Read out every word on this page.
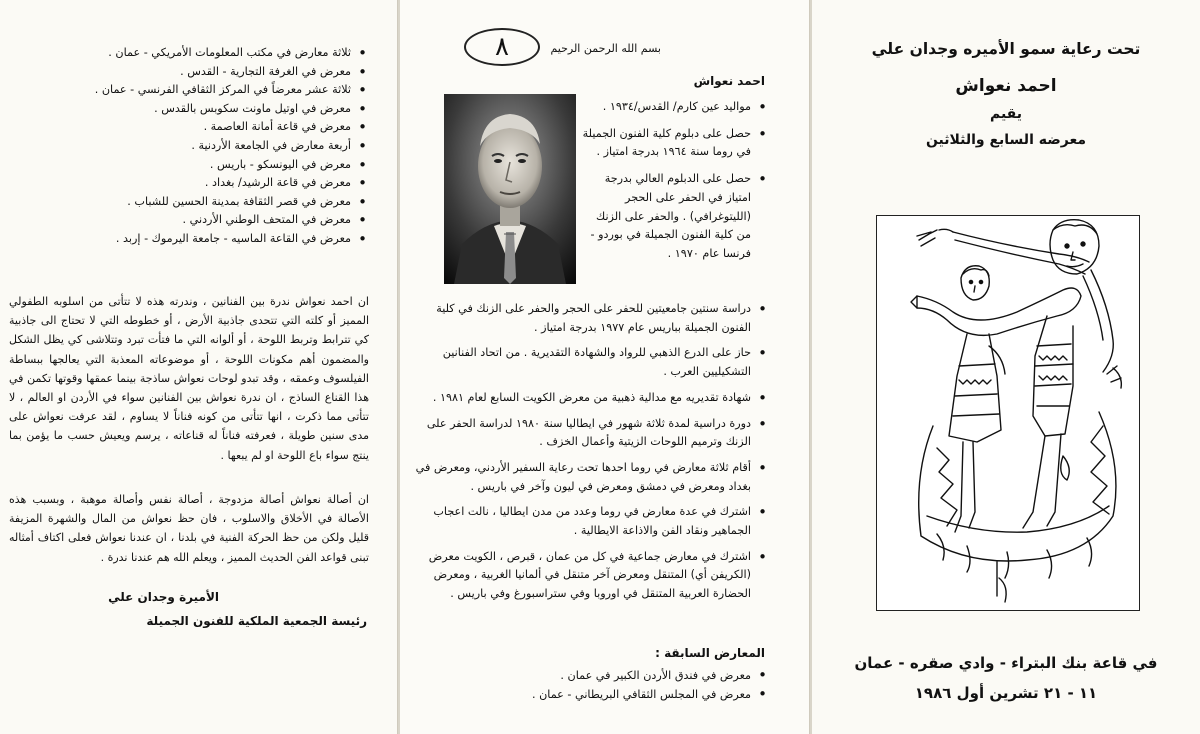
• ثلاثة معارض في مكتب المعلومات الأمريكي - عمان .
• معرض في الغرفة التجارية - القدس .
• ثلاثة عشر معرضاً في المركز الثقافي الفرنسي - عمان .
• معرض في اوتيل ماونت سكوبس بالقدس .
• معرض في قاعة أمانة العاصمة .
• أربعة معارض في الجامعة الأردنية .
• معرض في اليونسكو - باريس .
• معرض في قاعة الرشيد/ بغداد .
• معرض في قصر الثقافة بمدينة الحسين للشباب .
• معرض في المتحف الوطني الأردني .
• معرض في القاعة الماسيه - جامعة اليرموك - إربد .

ان احمد نعواش ندرة بين الفنانين ، وندرته هذه لا تتأتى من اسلوبه الطفولي المميز أو كلته التي تتحدى جاذبية الأرض ، أو خطوطه التي لا تحتاج الى جاذبية كي تترابط وتربط اللوحة ، أو ألوانه التي ما فتأت تبرد وتتلاشى كي يظل الشكل والمضمون أهم مكونات اللوحة ، أو موضوعاته المعذبة التي يعالجها ببساطة الفيلسوف وعمقه ، وقد تبدو لوحات نعواش ساذجة بينما عمقها وقوتها تكمن في هذا القناع الساذج ، ان ندرة نعواش بين الفنانين سواء في الأردن او العالم ، لا تتأتى مما ذكرت ، انها تتأتى من كونه فناناً لا يساوم ، لقد عرفت نعواش على مدى سنين طويلة ، فعرفته فناناً له قناعاته ، يرسم ويعيش حسب ما يؤمن بما ينتج سواء باع اللوحة او لم يبعها .

ان أصالة نعواش أصالة مزدوجة ، أصالة نفس وأصالة موهبة ، وبسبب هذه الأصالة في الأخلاق والاسلوب ، فان حظ نعواش من المال والشهرة المزيفة قليل ولكن من حظ الحركة الفنية في بلدنا ، ان عندنا نعواش فعلى اكتاف أمثاله تبنى قواعد الفن الحديث المميز ، ويعلم الله هم عندنا ندرة .

الأميرة وجدان علي
رئيسة الجمعية الملكية للفنون الجميلة
٨	بسم الله الرحمن الرحيم
احمد نعواش
• مواليد عين كارم/ القدس/١٩٣٤ .
• حصل على دبلوم كلية الفنون الجميلة في روما سنة ١٩٦٤ بدرجة امتياز .
• حصل على الدبلوم العالي بدرجة امتياز في الحفر على الحجر (الليتوغرافي) . والحفر على الزنك من كلية الفنون الجميلة في بوردو - فرنسا عام ١٩٧٠ .
• دراسة سنتين جامعيتين للحفر على الحجر والحفر على الزنك في كلية الفنون الجميلة بباريس عام ١٩٧٧ بدرجة امتياز .
• حاز على الدرع الذهبي للرواد والشهادة التقديرية . من اتحاد الفنانين التشكيليين العرب .
• شهادة تقديريه مع مدالية ذهبية من معرض الكويت السابع لعام ١٩٨١ .
• دورة دراسية لمدة ثلاثة شهور في ايطاليا سنة ١٩٨٠ لدراسة الحفر على الزنك وترميم اللوحات الزيتية وأعمال الخزف .
• أقام ثلاثة معارض في روما احدها تحت رعاية السفير الأردني، ومعرض في بغداد ومعرض في دمشق ومعرض في ليون وآخر في باريس .
• اشترك في عدة معارض في روما وعدد من مدن ايطاليا ، نالت اعجاب الجماهير ونقاد الفن والاذاعة الايطالية .
• اشترك في معارض جماعية في كل من عمان ، قبرص ، الكويت معرض (الكريفن أي) المتنقل ومعرض آخر متنقل في ألمانيا الغربية ، ومعرض الحضارة العربية المتنقل في اوروبا وفي ستراسبورغ وفي باريس .
المعارض السابقة :
• معرض في فندق الأردن الكبير في عمان .
• معرض في المجلس الثقافي البريطاني - عمان .
تحت رعاية سمو الأميره وجدان علي
احمد نعواش
يقيم
معرضه السابع والثلاثين
في قاعة بنك البتراء - وادي صقره - عمان
١١ - ٢١ تشرين أول ١٩٨٦
